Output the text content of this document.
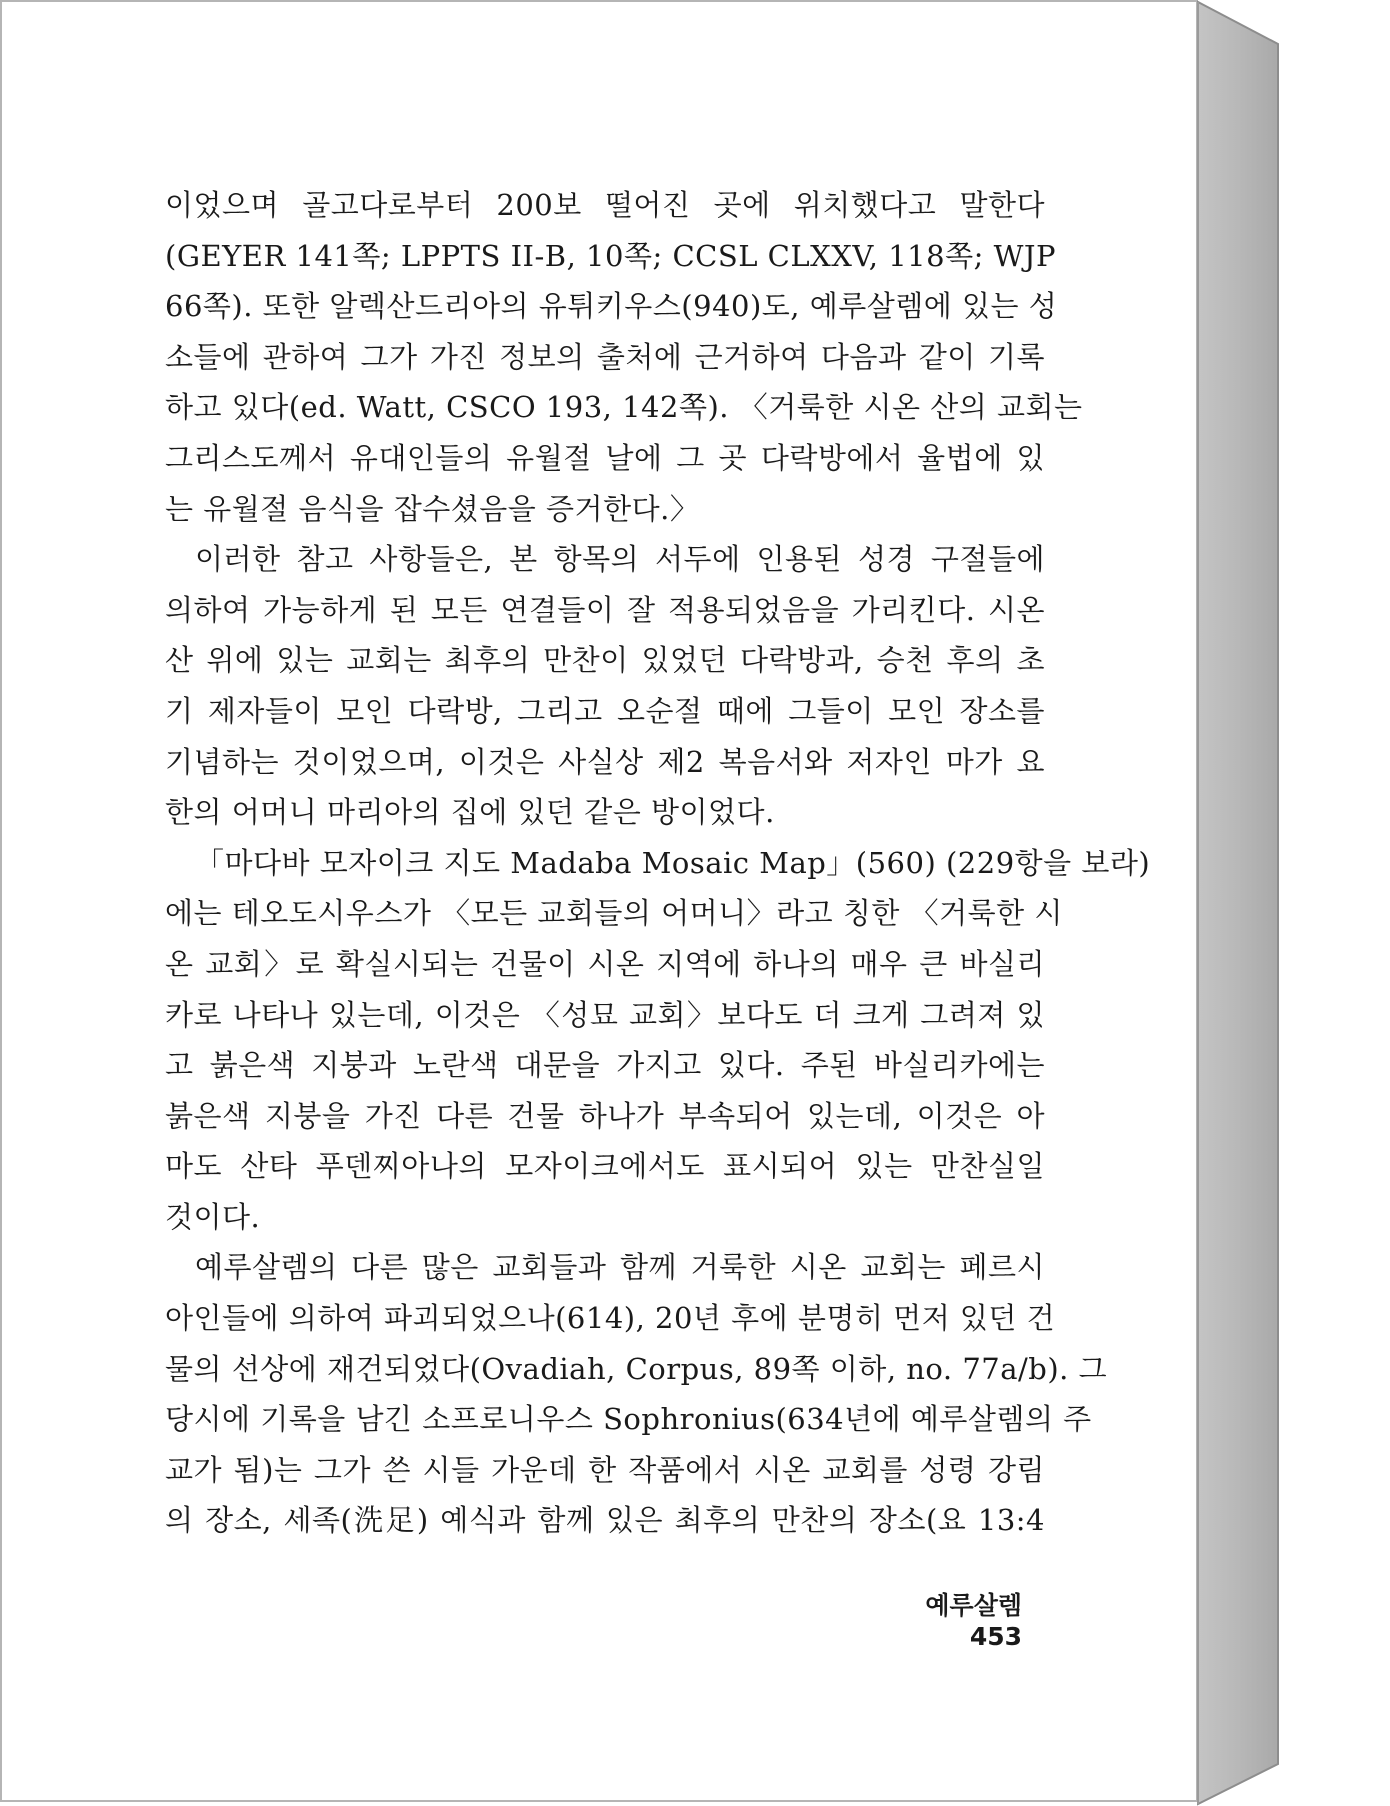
이었으며 골고다로부터 200보 떨어진 곳에 위치했다고 말한다
(GEYER 141쪽; LPPTS II-B, 10쪽; CCSL CLXXV, 118쪽; WJP
66쪽). 또한 알렉산드리아의 유튀키우스(940)도, 예루살렘에 있는 성
소들에 관하여 그가 가진 정보의 출처에 근거하여 다음과 같이 기록
하고 있다(ed. Watt, CSCO 193, 142쪽). 〈거룩한 시온 산의 교회는
그리스도께서 유대인들의 유월절 날에 그 곳 다락방에서 율법에 있
는 유월절 음식을 잡수셨음을 증거한다.〉
이러한 참고 사항들은, 본 항목의 서두에 인용된 성경 구절들에
의하여 가능하게 된 모든 연결들이 잘 적용되었음을 가리킨다. 시온
산 위에 있는 교회는 최후의 만찬이 있었던 다락방과, 승천 후의 초
기 제자들이 모인 다락방, 그리고 오순절 때에 그들이 모인 장소를
기념하는 것이었으며, 이것은 사실상 제2 복음서와 저자인 마가 요
한의 어머니 마리아의 집에 있던 같은 방이었다.
「마다바 모자이크 지도 Madaba Mosaic Map」(560) (229항을 보라)
에는 테오도시우스가 〈모든 교회들의 어머니〉라고 칭한 〈거룩한 시
온 교회〉로 확실시되는 건물이 시온 지역에 하나의 매우 큰 바실리
카로 나타나 있는데, 이것은 〈성묘 교회〉보다도 더 크게 그려져 있
고 붉은색 지붕과 노란색 대문을 가지고 있다. 주된 바실리카에는
붉은색 지붕을 가진 다른 건물 하나가 부속되어 있는데, 이것은 아
마도 산타 푸덴찌아나의 모자이크에서도 표시되어 있는 만찬실일
것이다.
예루살렘의 다른 많은 교회들과 함께 거룩한 시온 교회는 페르시
아인들에 의하여 파괴되었으나(614), 20년 후에 분명히 먼저 있던 건
물의 선상에 재건되었다(Ovadiah, Corpus, 89쪽 이하, no. 77a/b). 그
당시에 기록을 남긴 소프로니우스 Sophronius(634년에 예루살렘의 주
교가 됨)는 그가 쓴 시들 가운데 한 작품에서 시온 교회를 성령 강림
의 장소, 세족(洗足) 예식과 함께 있은 최후의 만찬의 장소(요 13:4
예루살렘453
